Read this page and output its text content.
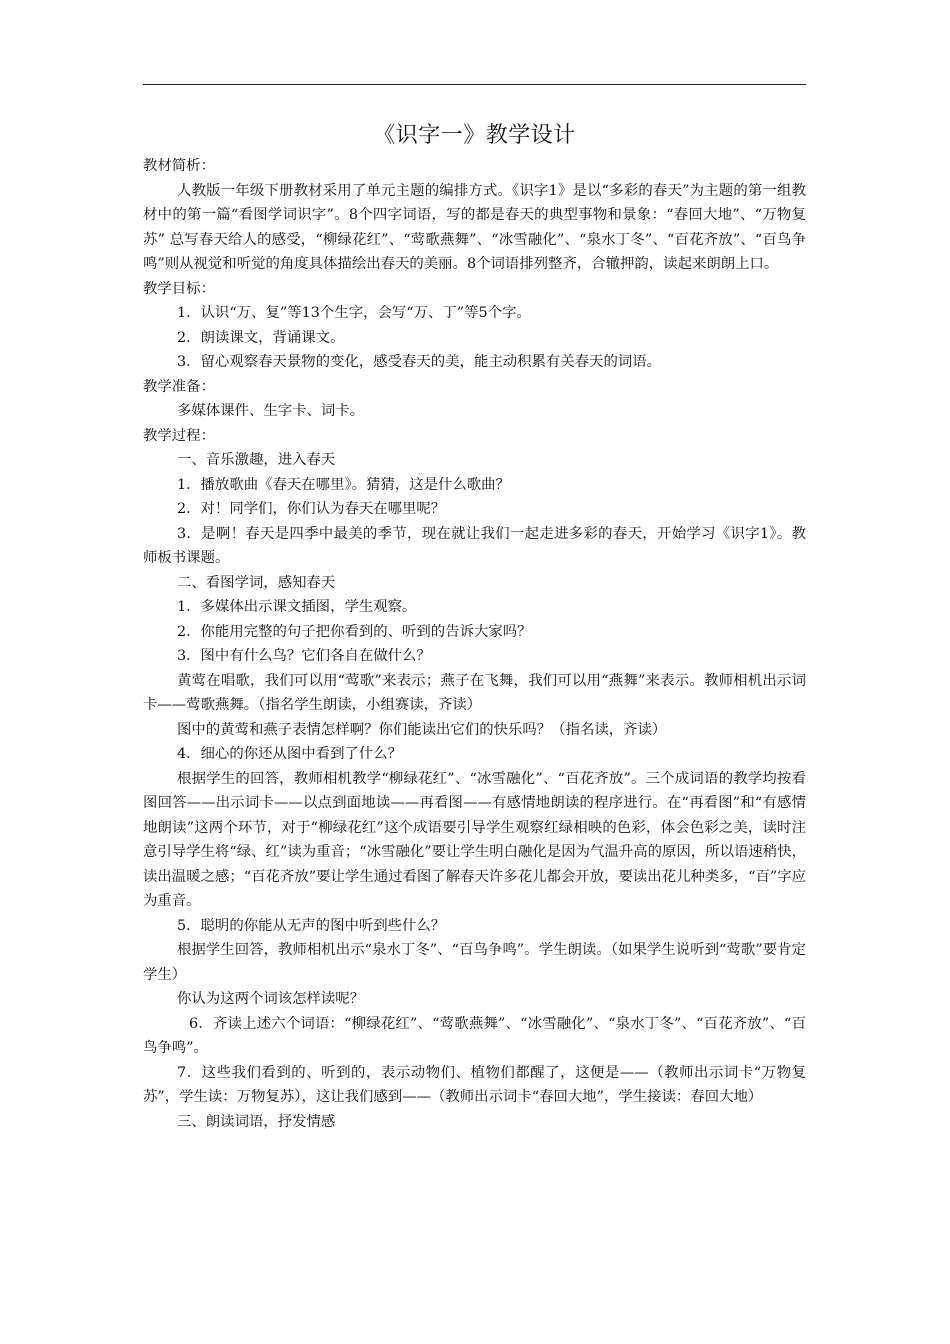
《识字一》教学设计

教材简析：

人教版一年级下册教材采用了单元主题的编排方式。《识字1》是以“多彩的春天”为主题的第一组教材中的第一篇“看图学词识字”。8个四字词语，写的都是春天的典型事物和景象：“春回大地”、“万物复苏” 总写春天给人的感受，“柳绿花红”、“莺歌燕舞”、“冰雪融化”、“泉水丁冬”、“百花齐放”、“百鸟争鸣”则从视觉和听觉的角度具体描绘出春天的美丽。8个词语排列整齐，合辙押韵，读起来朗朗上口。

教学目标：

1．认识“万、复”等13个生字，会写“万、丁”等5个字。

2．朗读课文，背诵课文。

3．留心观察春天景物的变化，感受春天的美，能主动积累有关春天的词语。

教学准备：

多媒体课件、生字卡、词卡。

教学过程：

一、音乐激趣，进入春天

1．播放歌曲《春天在哪里》。猜猜，这是什么歌曲？

2．对！同学们，你们认为春天在哪里呢？

3．是啊！春天是四季中最美的季节，现在就让我们一起走进多彩的春天，开始学习《识字1》。教师板书课题。

二、看图学词，感知春天

1．多媒体出示课文插图，学生观察。

2．你能用完整的句子把你看到的、听到的告诉大家吗？

3．图中有什么鸟？它们各自在做什么？

黄莺在唱歌，我们可以用“莺歌”来表示；燕子在飞舞，我们可以用“燕舞”来表示。教师相机出示词卡——莺歌燕舞。（指名学生朗读，小组赛读，齐读）

图中的黄莺和燕子表情怎样啊？你们能读出它们的快乐吗？（指名读，齐读）

4．细心的你还从图中看到了什么？

根据学生的回答，教师相机教学“柳绿花红”、“冰雪融化”、“百花齐放”。三个成词语的教学均按看图回答——出示词卡——以点到面地读——再看图——有感情地朗读的程序进行。在“再看图”和“有感情地朗读”这两个环节，对于“柳绿花红”这个成语要引导学生观察红绿相映的色彩，体会色彩之美，读时注意引导学生将“绿、红”读为重音；“冰雪融化”要让学生明白融化是因为气温升高的原因，所以语速稍快，读出温暖之感；“百花齐放”要让学生通过看图了解春天许多花儿都会开放，要读出花儿种类多，“百”字应为重音。

5．聪明的你能从无声的图中听到些什么？

根据学生回答，教师相机出示“泉水丁冬”、“百鸟争鸣”。学生朗读。（如果学生说听到“莺歌”要肯定学生）

你认为这两个词该怎样读呢？

6．齐读上述六个词语：“柳绿花红”、“莺歌燕舞”、“冰雪融化”、“泉水丁冬”、“百花齐放”、“百鸟争鸣”。

7．这些我们看到的、听到的，表示动物们、植物们都醒了，这便是——（教师出示词卡“万物复苏”，学生读：万物复苏），这让我们感到——（教师出示词卡“春回大地”，学生接读：春回大地）

三、朗读词语，抒发情感
